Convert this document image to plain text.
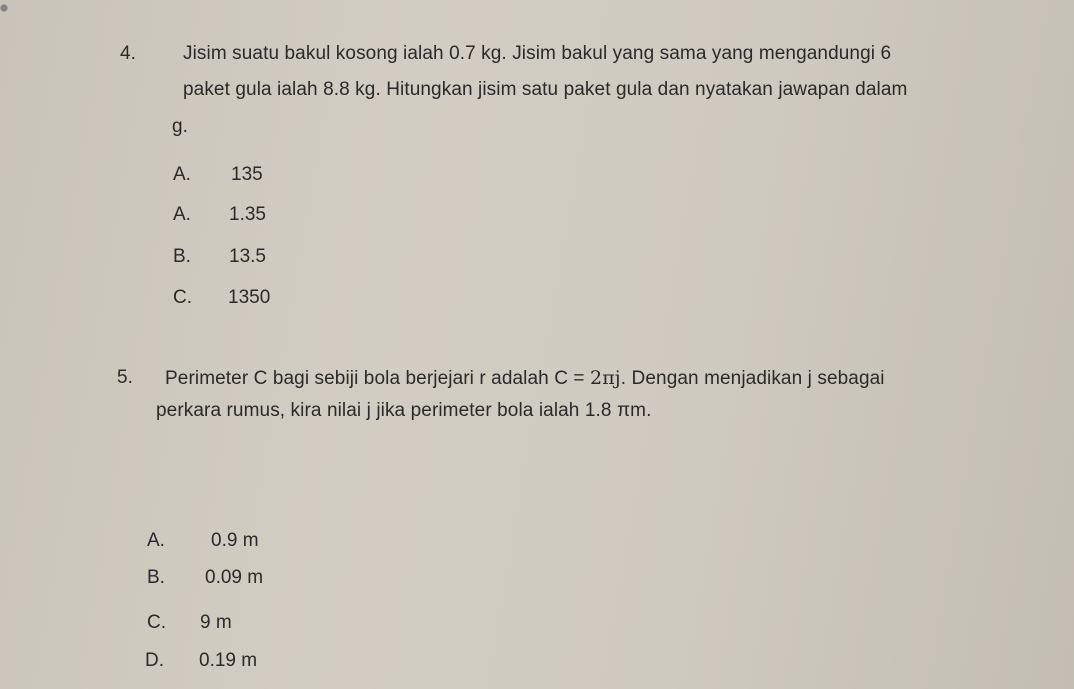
4. Jisim suatu bakul kosong ialah 0.7 kg. Jisim bakul yang sama yang mengandungi 6
paket gula ialah 8.8 kg. Hitungkan jisim satu paket gula dan nyatakan jawapan dalam
g.
A. 135
A. 1.35
B. 13.5
C. 1350
5. Perimeter C bagi sebiji bola berjejari r adalah C = 2πj. Dengan menjadikan j sebagai
perkara rumus, kira nilai j jika perimeter bola ialah 1.8 πm.
A. 0.9 m
B. 0.09 m
C. 9 m
D. 0.19 m
